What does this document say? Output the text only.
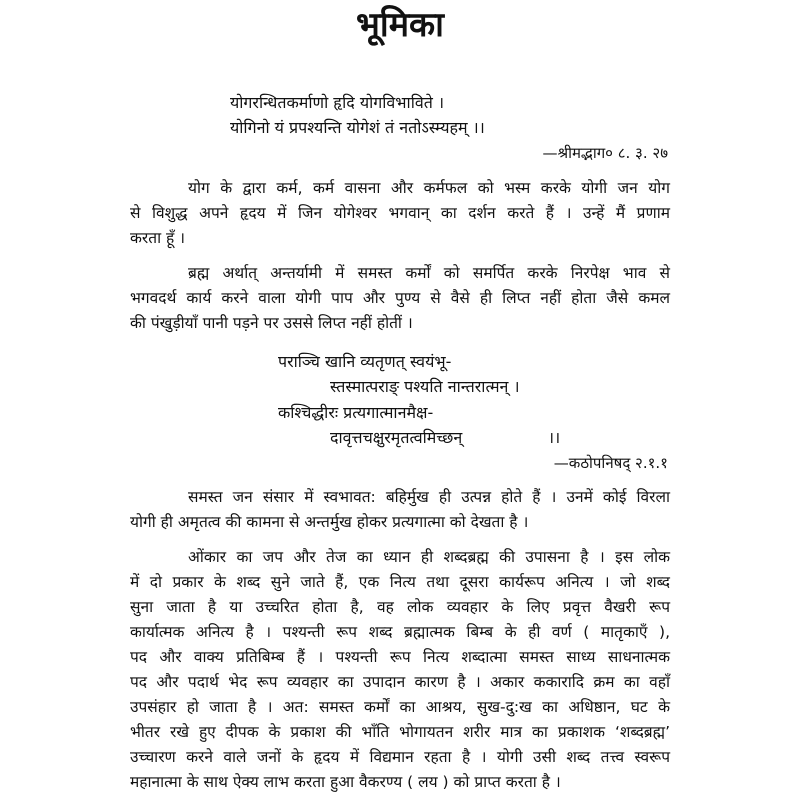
भूमिका
योगरन्धितकर्माणो हृदि योगविभाविते ।
योगिनो यं प्रपश्यन्ति योगेशं तं नतोऽस्म्यहम् ।।
—श्रीमद्भाग० ८. ३. २७
योग के द्वारा कर्म, कर्म वासना और कर्मफल को भस्म करके योगी जन योग
से विशुद्ध अपने हृदय में जिन योगेश्वर भगवान् का दर्शन करते हैं । उन्हें मैं प्रणाम
करता हूँ ।
ब्रह्म अर्थात् अन्तर्यामी में समस्त कर्मों को समर्पित करके निरपेक्ष भाव से
भगवदर्थ कार्य करने वाला योगी पाप और पुण्य से वैसे ही लिप्त नहीं होता जैसे कमल
की पंखुड़ीयाँ पानी पड़ने पर उससे लिप्त नहीं होतीं ।
पराञ्चि खानि व्यतृणत् स्वयंभू-
स्तस्मात्पराङ् पश्यति नान्तरात्मन् ।
कश्चिद्धीरः प्रत्यगात्मानमैक्ष-
दावृत्तचक्षुरमृतत्वमिच्छन्	।।
—कठोपनिषद् २.१.१
समस्त जन संसार में स्वभावत: बहिर्मुख ही उत्पन्न होते हैं । उनमें कोई विरला
योगी ही अमृतत्व की कामना से अन्तर्मुख होकर प्रत्यगात्मा को देखता है ।
ओंकार का जप और तेज का ध्यान ही शब्दब्रह्म की उपासना है । इस लोक
में दो प्रकार के शब्द सुने जाते हैं, एक नित्य तथा दूसरा कार्यरूप अनित्य । जो शब्द
सुना जाता है या उच्चरित होता है, वह लोक व्यवहार के लिए प्रवृत्त वैखरी रूप
कार्यात्मक अनित्य है । पश्यन्ती रूप शब्द ब्रह्मात्मक बिम्ब के ही वर्ण ( मातृकाएँ ),
पद और वाक्य प्रतिबिम्ब हैं । पश्यन्ती रूप नित्य शब्दात्मा समस्त साध्य साधनात्मक
पद और पदार्थ भेद रूप व्यवहार का उपादान कारण है । अकार ककारादि क्रम का वहाँ
उपसंहार हो जाता है । अत: समस्त कर्मों का आश्रय, सुख-दु:ख का अधिष्ठान, घट के
भीतर रखे हुए दीपक के प्रकाश की भाँति भोगायतन शरीर मात्र का प्रकाशक ‘शब्दब्रह्म’
उच्चारण करने वाले जनों के हृदय में विद्यमान रहता है । योगी उसी शब्द तत्त्व स्वरूप
महानात्मा के साथ ऐक्य लाभ करता हुआ वैकरण्य ( लय ) को प्राप्त करता है ।
